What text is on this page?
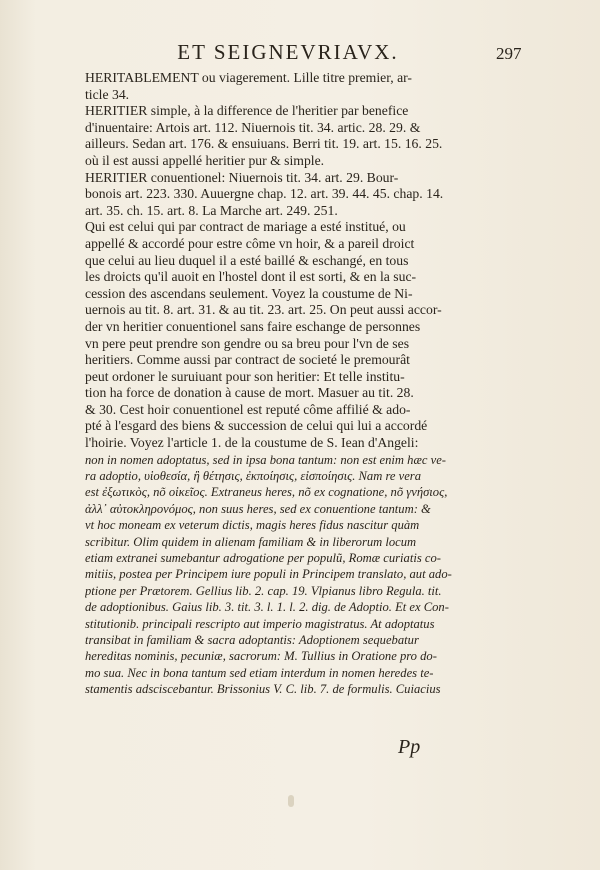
ET SEIGNEVRIAVX.	297
HERITABLEMENT ou viagerement. Lille titre premier, ar-
ticle 34.
HERITIER simple, à la difference de l'heritier par benefice
d'inuentaire: Artois art. 112. Niuernois tit. 34. artic. 28. 29. &
ailleurs. Sedan art. 176. & ensuiuans. Berri tit. 19. art. 15. 16. 25.
où il est aussi appellé heritier pur & simple.
HERITIER conuentionel: Niuernois tit. 34. art. 29. Bour-
bonois art. 223. 330. Auuergne chap. 12. art. 39. 44. 45. chap. 14.
art. 35. ch. 15. art. 8. La Marche art. 249. 251.
Qui est celui qui par contract de mariage a esté institué, ou
appellé & accordé pour estre côme vn hoir, & a pareil droict
que celui au lieu duquel il a esté baillé & eschangé, en tous
les droicts qu'il auoit en l'hostel dont il est sorti, & en la suc-
cession des ascendans seulement. Voyez la coustume de Ni-
uernois au tit. 8. art. 31. & au tit. 23. art. 25. On peut aussi accor-
der vn heritier conuentionel sans faire eschange de personnes
vn pere peut prendre son gendre ou sa breu pour l'vn de ses
heritiers. Comme aussi par contract de societé le premourât
peut ordoner le suruiuant pour son heritier: Et telle institu-
tion ha force de donation à cause de mort. Masuer au tit. 28.
& 30. Cest hoir conuentionel est reputé côme affilié & ado-
pté à l'esgard des biens & succession de celui qui lui a accordé
l'hoirie. Voyez l'article 1. de la coustume de S. Iean d'Angeli:
non in nomen adoptatus, sed in ipsa bona tantum: non est enim hæc ve-
ra adoptio, υἱοθεσία, ἢ θέτησις, ἐκποίησις, εἰσποίησις. Nam re vera
est ἐξωτικὸς, nõ οἰκεῖος. Extraneus heres, nõ ex cognatione, nõ γνήσιος,
ἀλλ᾽ αὐτοκληρονόμος, non suus heres, sed ex conuentione tantum: &
vt hoc moneam ex veterum dictis, magis heres fidus nascitur quàm
scribitur. Olim quidem in alienam familiam & in liberorum locum
etiam extranei sumebantur adrogatione per populũ, Romæ curiatis co-
mitiis, postea per Principem iure populi in Principem translato, aut ado-
ptione per Prætorem. Gellius lib. 2. cap. 19. Vlpianus libro Regula. tit.
de adoptionibus. Gaius lib. 3. tit. 3. l. 1. l. 2. dig. de Adoptio. Et ex Con-
stitutionib. principali rescripto aut imperio magistratus. At adoptatus
transibat in familiam & sacra adoptantis: Adoptionem sequebatur
hereditas nominis, pecuniæ, sacrorum: M. Tullius in Oratione pro do-
mo sua. Nec in bona tantum sed etiam interdum in nomen heredes te-
stamentis adsciscebantur. Brissonius V. C. lib. 7. de formulis. Cuiacius
Pp
